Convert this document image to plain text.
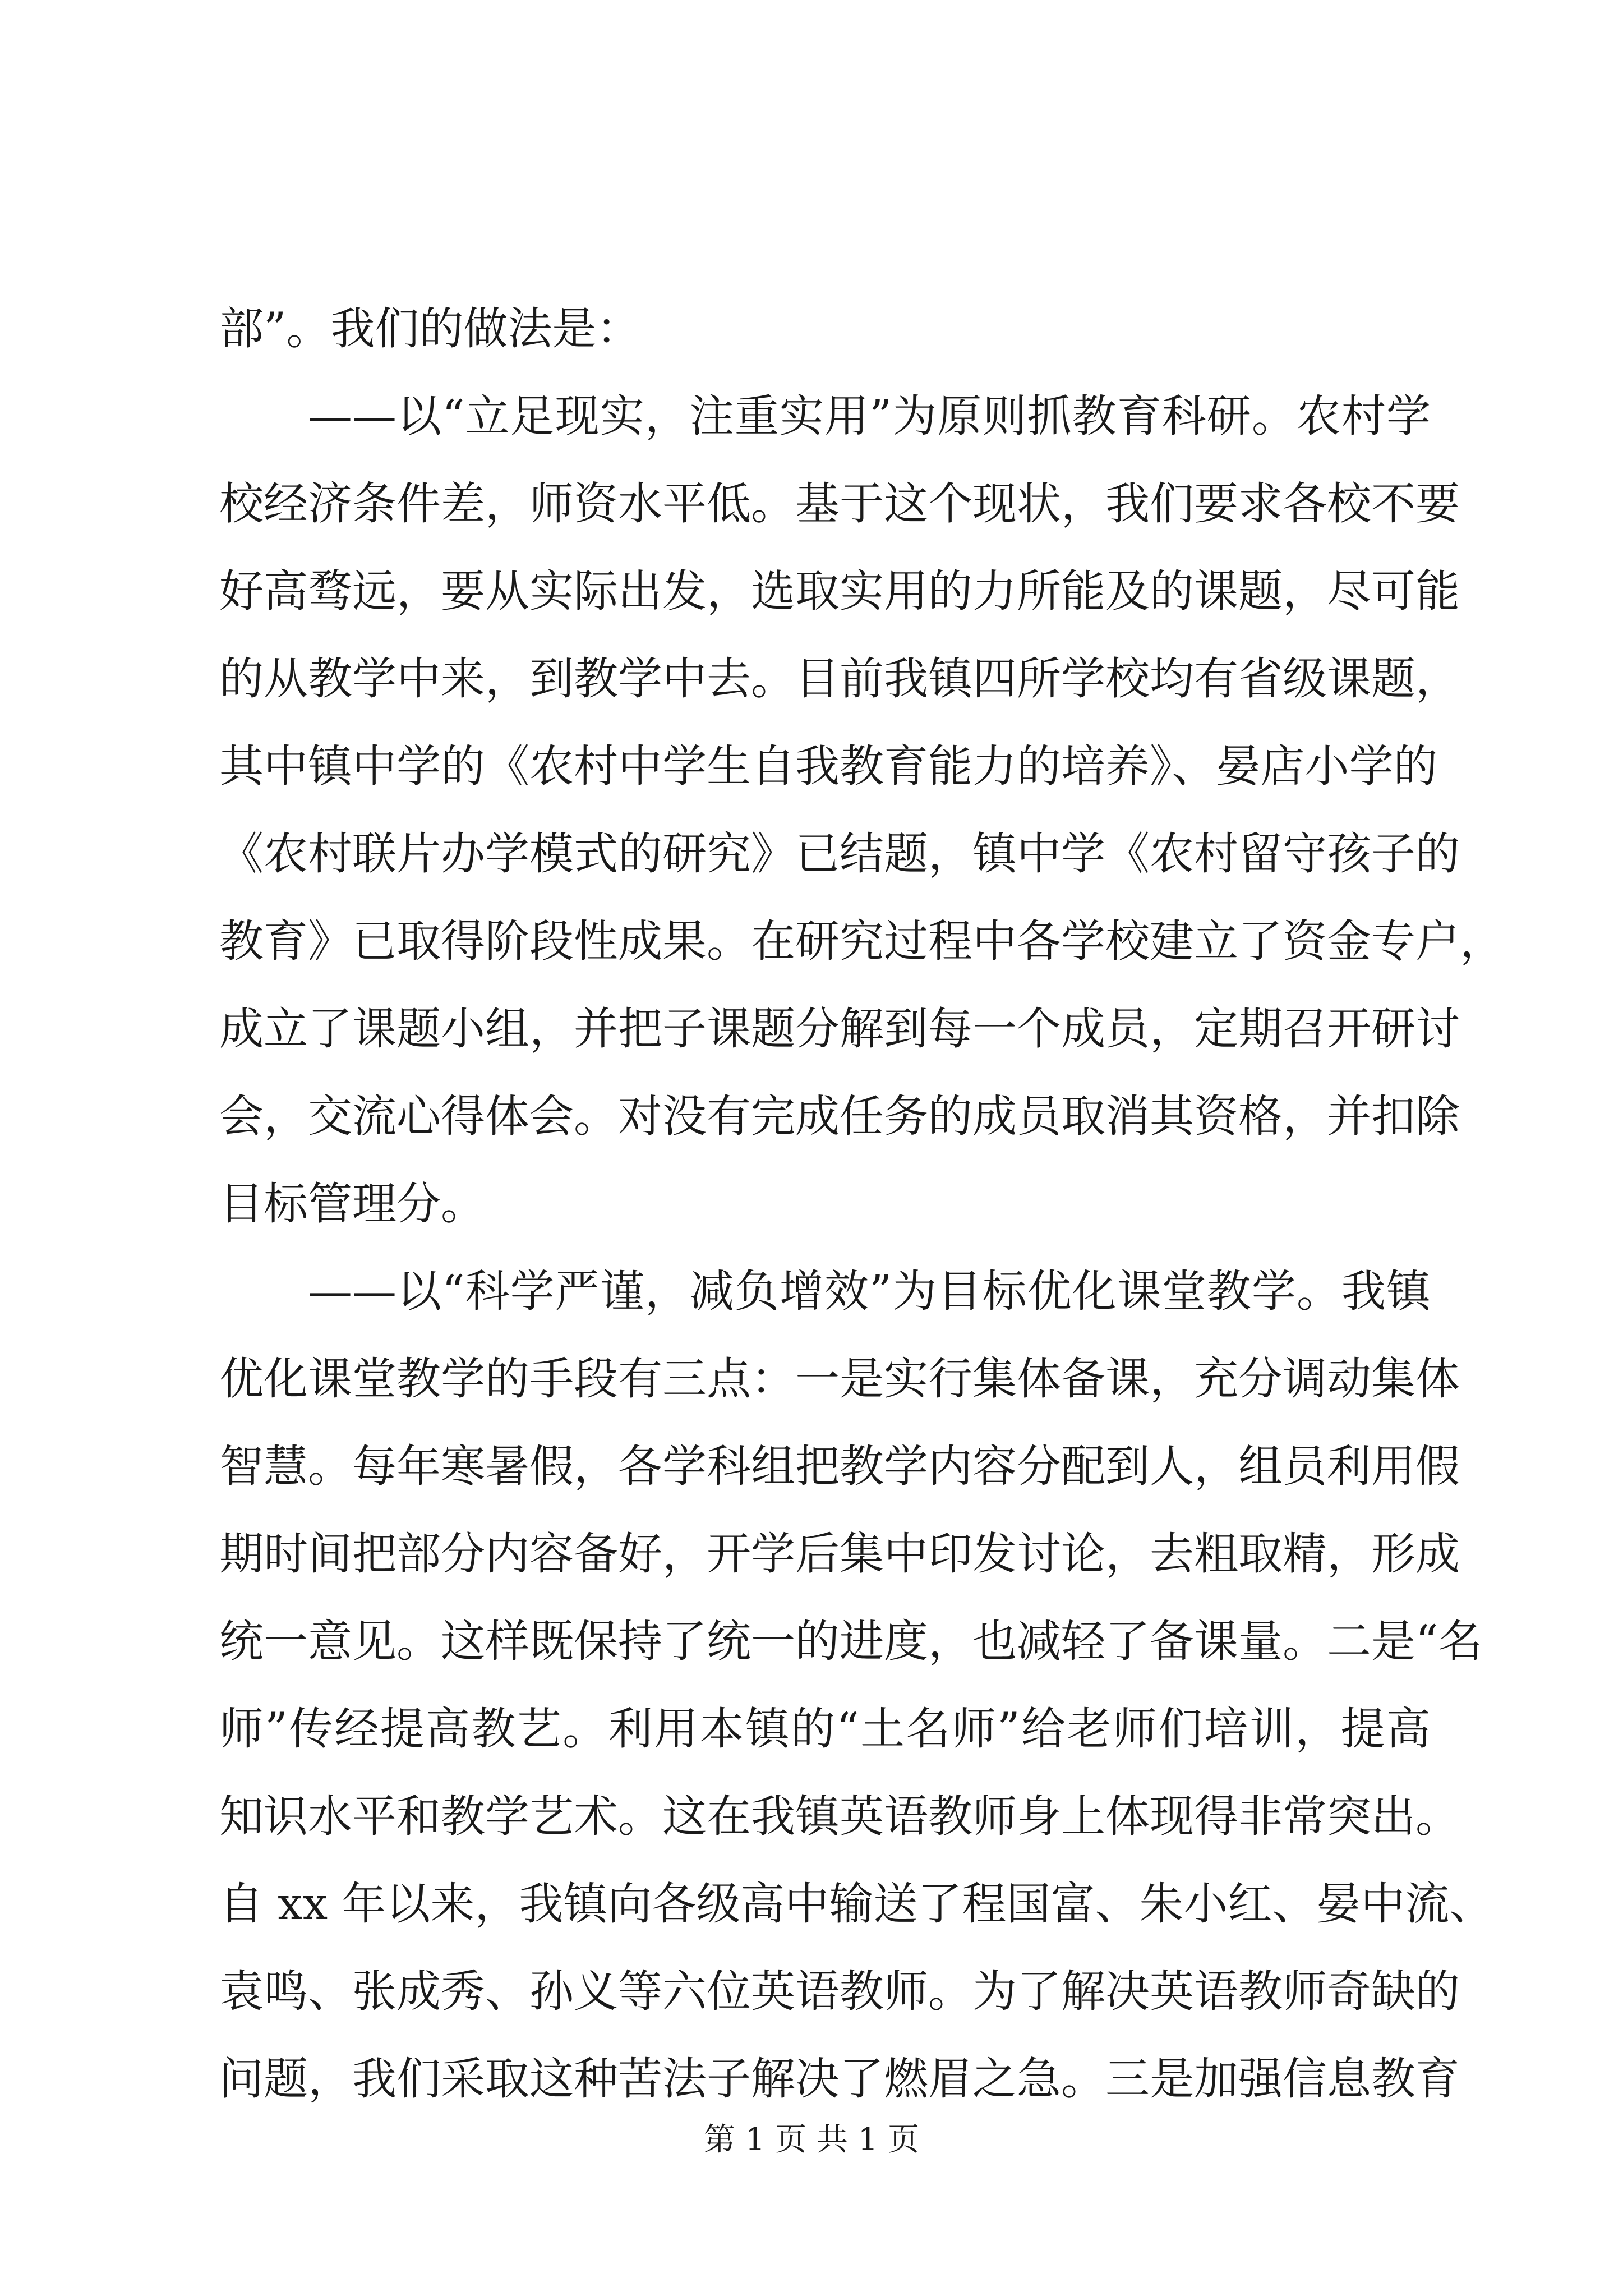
部”。我们的做法是：
——以“立足现实，注重实用”为原则抓教育科研。农村学
校经济条件差，师资水平低。基于这个现状，我们要求各校不要
好高骛远，要从实际出发，选取实用的力所能及的课题，尽可能
的从教学中来，到教学中去。目前我镇四所学校均有省级课题，
其中镇中学的《农村中学生自我教育能力的培养》、晏店小学的
《农村联片办学模式的研究》已结题，镇中学《农村留守孩子的
教育》已取得阶段性成果。在研究过程中各学校建立了资金专户，
成立了课题小组，并把子课题分解到每一个成员，定期召开研讨
会，交流心得体会。对没有完成任务的成员取消其资格，并扣除
目标管理分。
——以“科学严谨，减负增效”为目标优化课堂教学。我镇
优化课堂教学的手段有三点：一是实行集体备课，充分调动集体
智慧。每年寒暑假，各学科组把教学内容分配到人，组员利用假
期时间把部分内容备好，开学后集中印发讨论，去粗取精，形成
统一意见。这样既保持了统一的进度，也减轻了备课量。二是“名
师”传经提高教艺。利用本镇的“土名师”给老师们培训，提高
知识水平和教学艺术。这在我镇英语教师身上体现得非常突出。
自 xx 年以来，我镇向各级高中输送了程国富、朱小红、晏中流、
袁鸣、张成秀、孙义等六位英语教师。为了解决英语教师奇缺的
问题，我们采取这种苦法子解决了燃眉之急。三是加强信息教育
第 1 页 共 1 页
